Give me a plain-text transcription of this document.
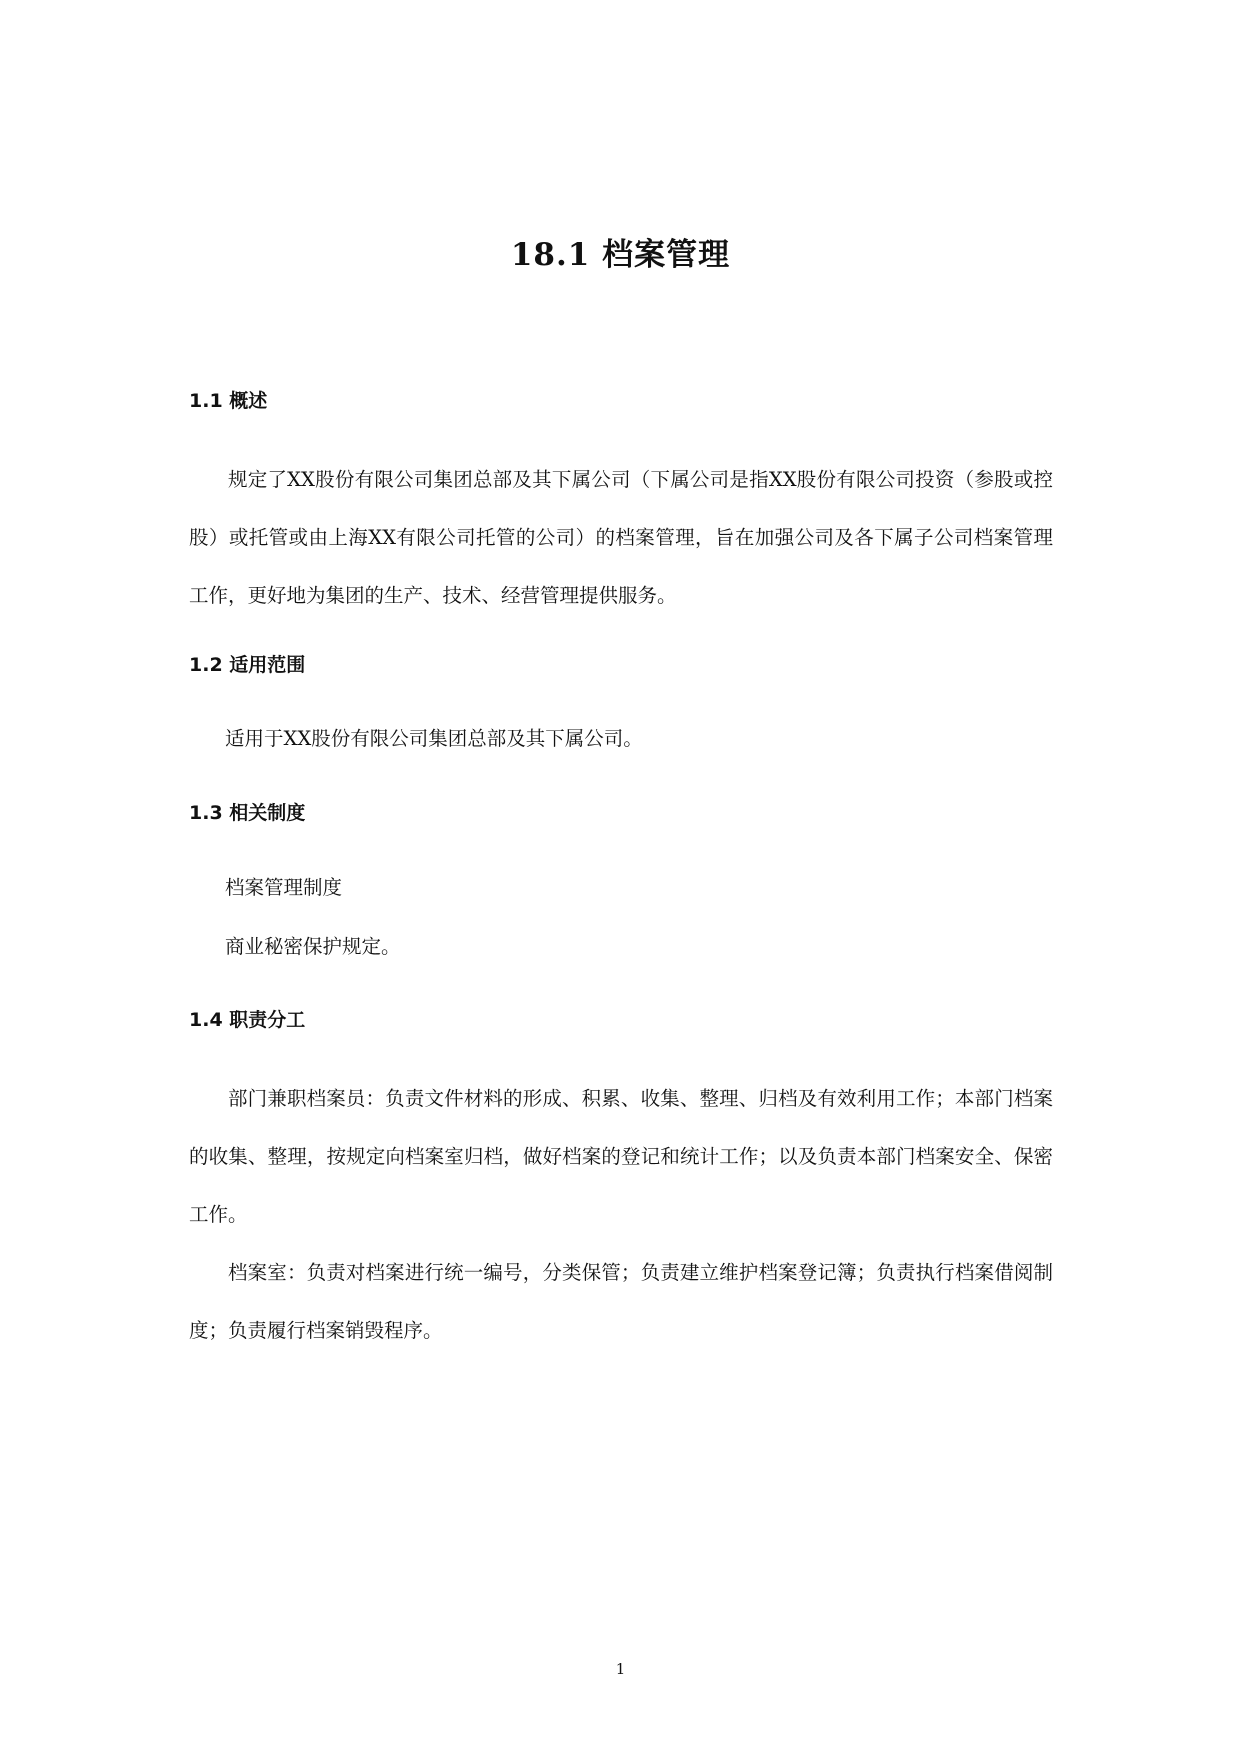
18.1 档案管理
1.1 概述

规定了XX股份有限公司集团总部及其下属公司（下属公司是指XX股份有限公司投资（参股或控股）或托管或由上海XX有限公司托管的公司）的档案管理，旨在加强公司及各下属子公司档案管理工作，更好地为集团的生产、技术、经营管理提供服务。

1.2 适用范围

适用于XX股份有限公司集团总部及其下属公司。

1.3 相关制度

档案管理制度

商业秘密保护规定。

1.4 职责分工

部门兼职档案员：负责文件材料的形成、积累、收集、整理、归档及有效利用工作；本部门档案的收集、整理，按规定向档案室归档，做好档案的登记和统计工作；以及负责本部门档案安全、保密工作。

档案室：负责对档案进行统一编号，分类保管；负责建立维护档案登记簿；负责执行档案借阅制度；负责履行档案销毁程序。

1
